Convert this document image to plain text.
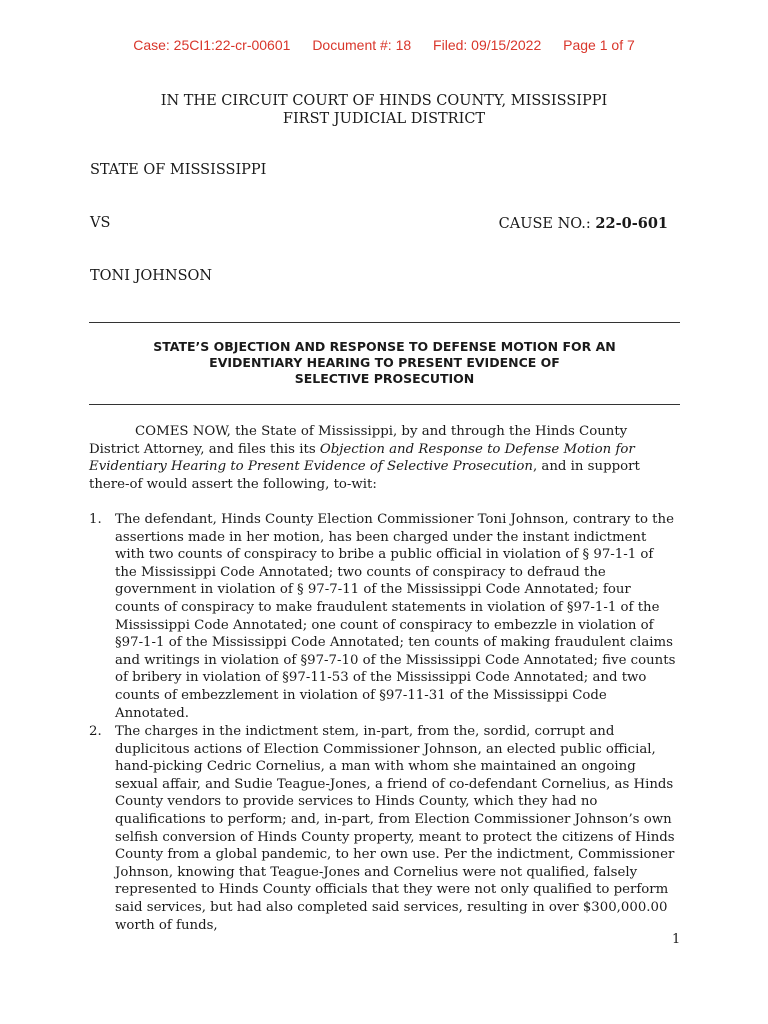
Case: 25CI1:22-cr-00601 Document #: 18 Filed: 09/15/2022 Page 1 of 7
IN THE CIRCUIT COURT OF HINDS COUNTY, MISSISSIPPI
FIRST JUDICIAL DISTRICT
STATE OF MISSISSIPPI
VS	CAUSE NO.: 22-0-601
TONI JOHNSON
STATE’S OBJECTION AND RESPONSE TO DEFENSE MOTION FOR AN
EVIDENTIARY HEARING TO PRESENT EVIDENCE OF
SELECTIVE PROSECUTION
COMES NOW, the State of Mississippi, by and through the Hinds County District Attorney, and files this its Objection and Response to Defense Motion for Evidentiary Hearing to Present Evidence of Selective Prosecution, and in support there-of would assert the following, to-wit:
1.	The defendant, Hinds County Election Commissioner Toni Johnson, contrary to the assertions made in her motion, has been charged under the instant indictment with two counts of conspiracy to bribe a public official in violation of § 97-1-1 of the Mississippi Code Annotated; two counts of conspiracy to defraud the government in violation of § 97-7-11 of the Mississippi Code Annotated; four counts of conspiracy to make fraudulent statements in violation of §97-1-1 of the Mississippi Code Annotated; one count of conspiracy to embezzle in violation of §97-1-1 of the Mississippi Code Annotated; ten counts of making fraudulent claims and writings in violation of §97-7-10 of the Mississippi Code Annotated; five counts of bribery in violation of §97-11-53 of the Mississippi Code Annotated; and two counts of embezzlement in violation of §97-11-31 of the Mississippi Code Annotated.
2.	The charges in the indictment stem, in-part, from the, sordid, corrupt and duplicitous actions of Election Commissioner Johnson, an elected public official, hand-picking Cedric Cornelius, a man with whom she maintained an ongoing sexual affair, and Sudie Teague-Jones, a friend of co-defendant Cornelius, as Hinds County vendors to provide services to Hinds County, which they had no qualifications to perform; and, in-part, from Election Commissioner Johnson’s own selfish conversion of Hinds County property, meant to protect the citizens of Hinds County from a global pandemic, to her own use. Per the indictment, Commissioner Johnson, knowing that Teague-Jones and Cornelius were not qualified, falsely represented to Hinds County officials that they were not only qualified to perform said services, but had also completed said services, resulting in over $300,000.00 worth of funds,
1
